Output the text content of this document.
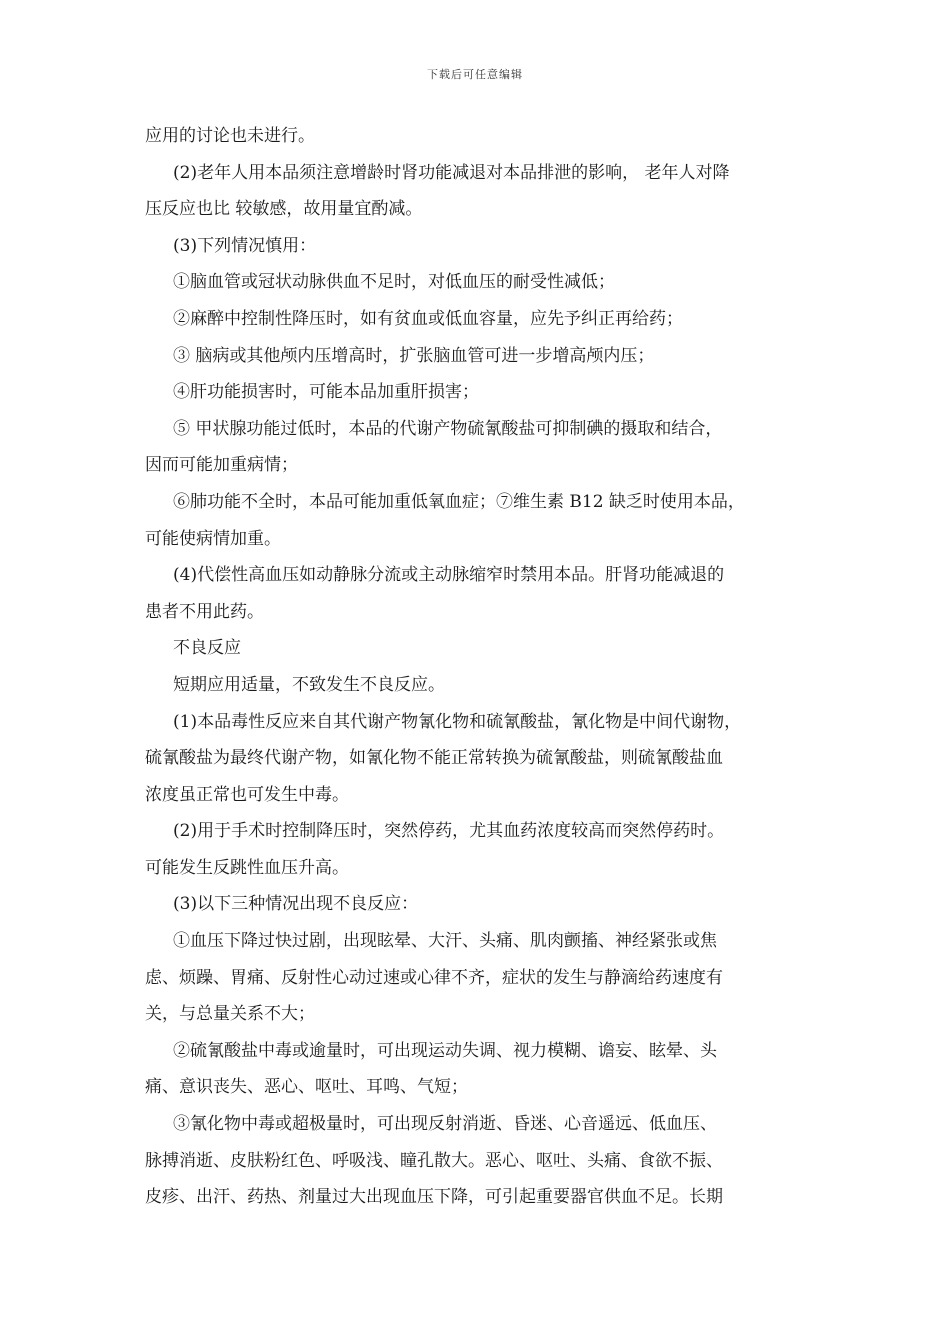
下载后可任意编辑

应用的讨论也未进行。

(2)老年人用本品须注意增龄时肾功能减退对本品排泄的影响， 老年人对降

压反应也比 较敏感，故用量宜酌减。

(3)下列情况慎用：

①脑血管或冠状动脉供血不足时，对低血压的耐受性减低；

②麻醉中控制性降压时，如有贫血或低血容量，应先予纠正再给药；

③ 脑病或其他颅内压增高时，扩张脑血管可进一步增高颅内压；

④肝功能损害时，可能本品加重肝损害；

⑤ 甲状腺功能过低时，本品的代谢产物硫氰酸盐可抑制碘的摄取和结合，

因而可能加重病情；

⑥肺功能不全时，本品可能加重低氧血症；⑦维生素 B12 缺乏时使用本品，

可能使病情加重。

(4)代偿性高血压如动静脉分流或主动脉缩窄时禁用本品。肝肾功能减退的

患者不用此药。

不良反应

短期应用适量，不致发生不良反应。

(1)本品毒性反应来自其代谢产物氰化物和硫氰酸盐，氰化物是中间代谢物，

硫氰酸盐为最终代谢产物，如氰化物不能正常转换为硫氰酸盐，则硫氰酸盐血

浓度虽正常也可发生中毒。

(2)用于手术时控制降压时，突然停药，尤其血药浓度较高而突然停药时。

可能发生反跳性血压升高。

(3)以下三种情况出现不良反应：

①血压下降过快过剧，出现眩晕、大汗、头痛、肌肉颤搐、神经紧张或焦

虑、烦躁、胃痛、反射性心动过速或心律不齐，症状的发生与静滴给药速度有

关，与总量关系不大；

②硫氰酸盐中毒或逾量时，可出现运动失调、视力模糊、谵妄、眩晕、头

痛、意识丧失、恶心、呕吐、耳鸣、气短；

③氰化物中毒或超极量时，可出现反射消逝、昏迷、心音遥远、低血压、

脉搏消逝、皮肤粉红色、呼吸浅、瞳孔散大。恶心、呕吐、头痛、食欲不振、

皮疹、出汗、药热、剂量过大出现血压下降，可引起重要器官供血不足。长期
